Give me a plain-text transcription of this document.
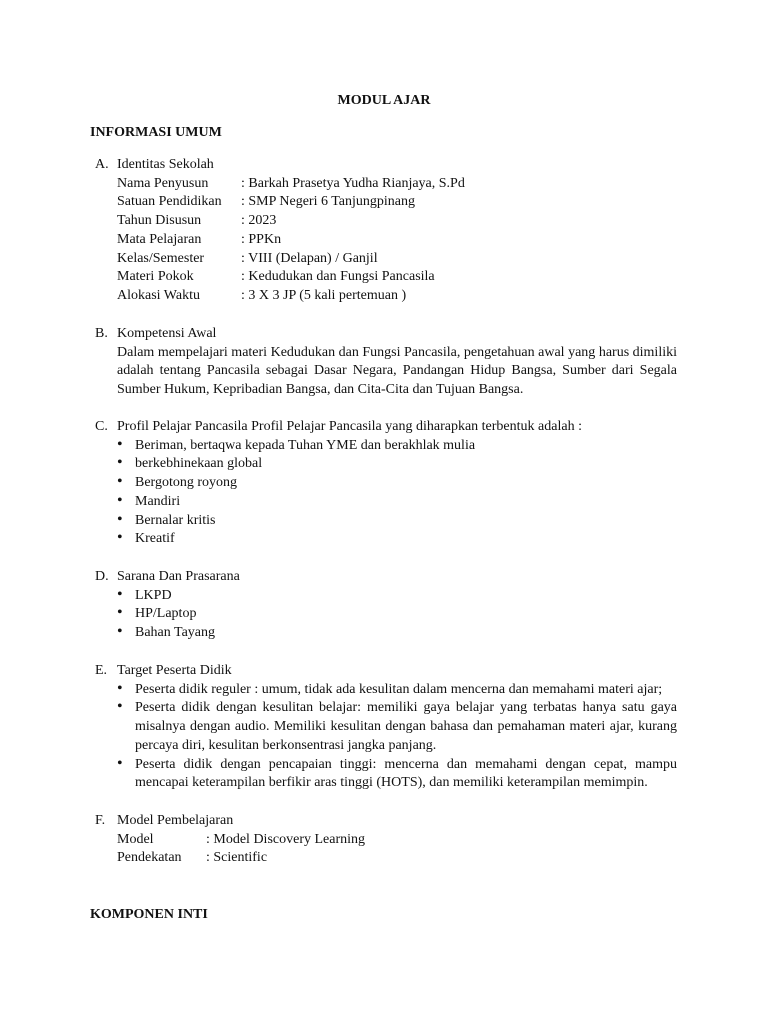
MODUL AJAR
INFORMASI UMUM
A. Identitas Sekolah
Nama Penyusun	: Barkah Prasetya Yudha Rianjaya, S.Pd
Satuan Pendidikan	: SMP Negeri 6 Tanjungpinang
Tahun Disusun	: 2023
Mata Pelajaran	: PPKn
Kelas/Semester	: VIII (Delapan) / Ganjil
Materi Pokok	: Kedudukan dan Fungsi Pancasila
Alokasi Waktu	: 3 X 3 JP (5 kali pertemuan )
B. Kompetensi Awal
Dalam mempelajari materi Kedudukan dan Fungsi Pancasila, pengetahuan awal yang harus dimiliki adalah tentang Pancasila sebagai Dasar Negara, Pandangan Hidup Bangsa, Sumber dari Segala Sumber Hukum, Kepribadian Bangsa, dan Cita-Cita dan Tujuan Bangsa.
C. Profil Pelajar Pancasila Profil Pelajar Pancasila yang diharapkan terbentuk adalah :
• Beriman, bertaqwa kepada Tuhan YME dan berakhlak mulia
• berkebhinekaan global
• Bergotong royong
• Mandiri
• Bernalar kritis
• Kreatif
D. Sarana Dan Prasarana
• LKPD
• HP/Laptop
• Bahan Tayang
E. Target Peserta Didik
• Peserta didik reguler : umum, tidak ada kesulitan dalam mencerna dan memahami materi ajar;
• Peserta didik dengan kesulitan belajar: memiliki gaya belajar yang terbatas hanya satu gaya misalnya dengan audio. Memiliki kesulitan dengan bahasa dan pemahaman materi ajar, kurang percaya diri, kesulitan berkonsentrasi jangka panjang.
• Peserta didik dengan pencapaian tinggi: mencerna dan memahami dengan cepat, mampu mencapai keterampilan berfikir aras tinggi (HOTS), dan memiliki keterampilan memimpin.
F. Model Pembelajaran
Model	: Model Discovery Learning
Pendekatan	: Scientific
KOMPONEN INTI
